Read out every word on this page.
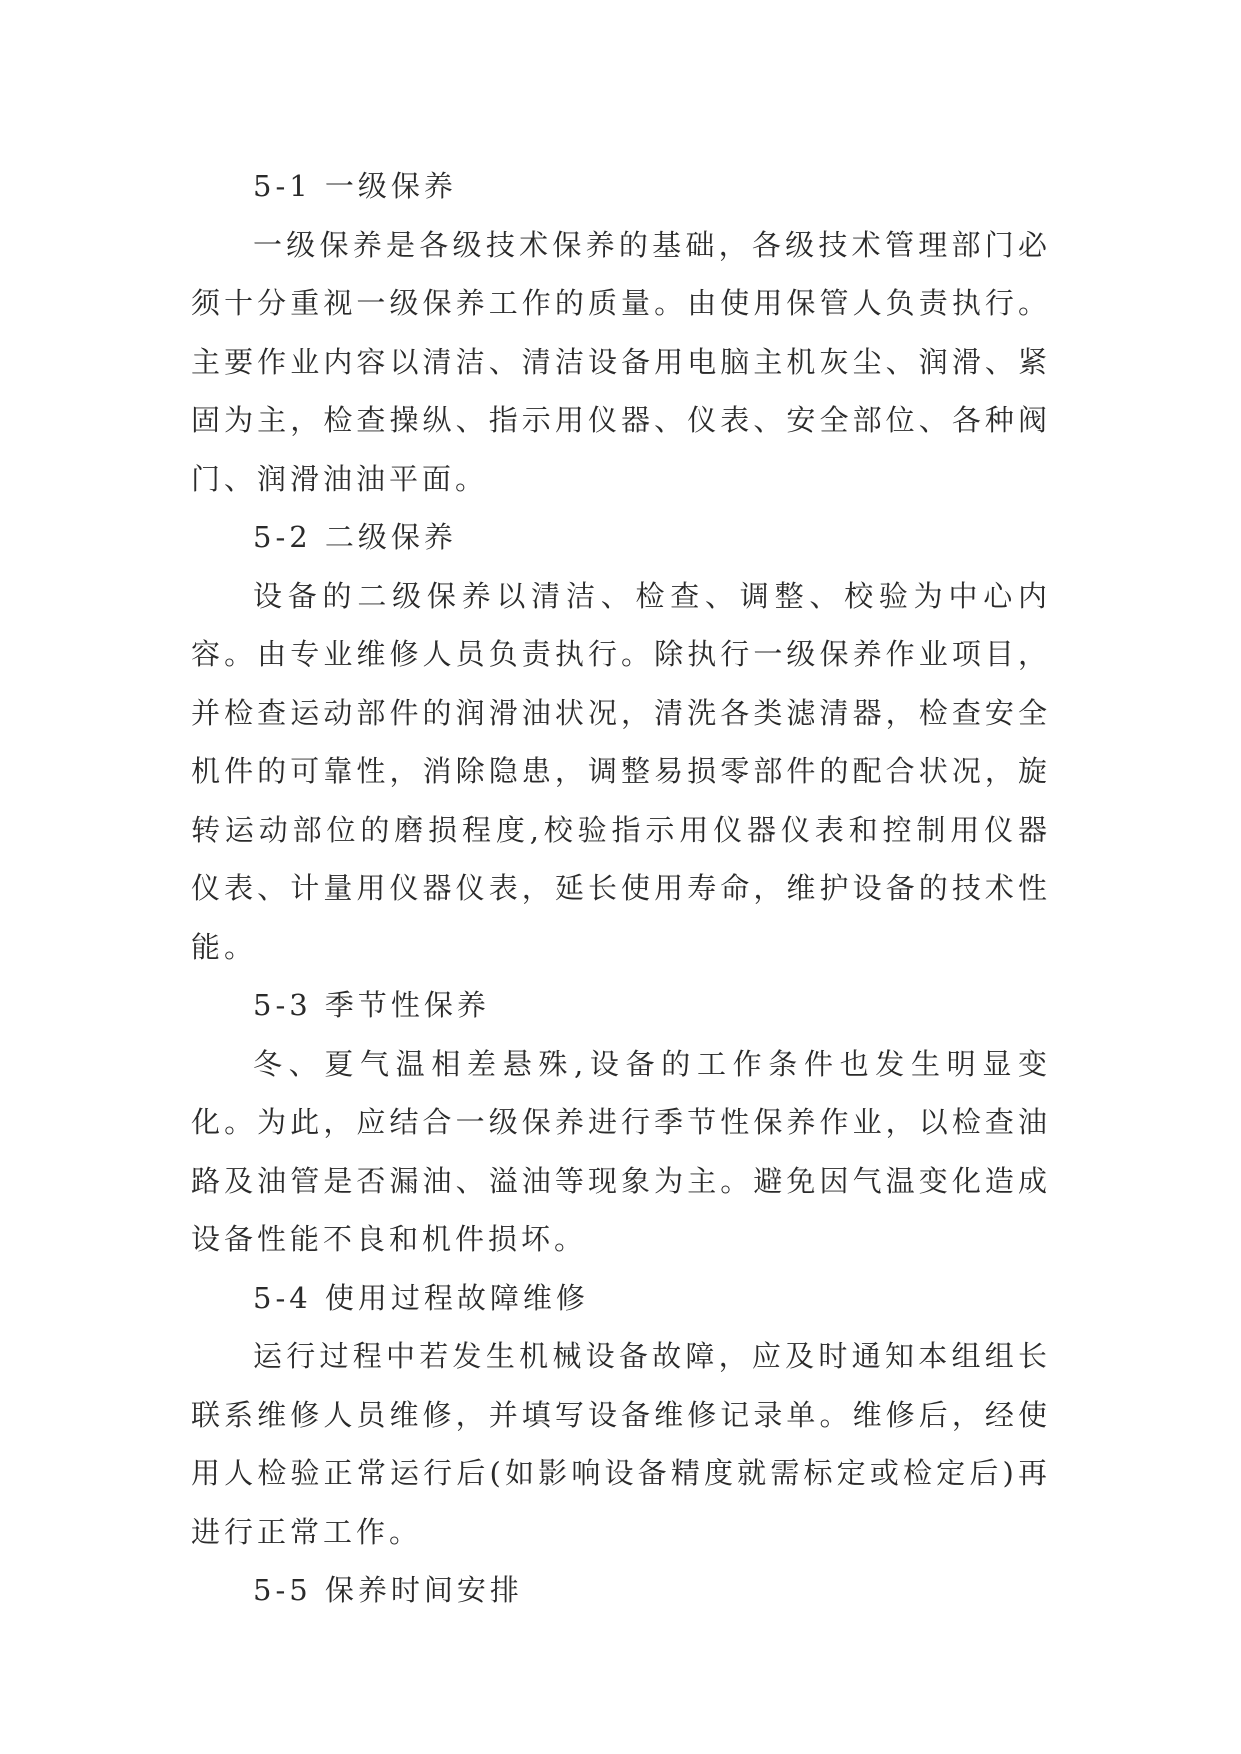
5-1 一级保养

一级保养是各级技术保养的基础，各级技术管理部门必须十分重视一级保养工作的质量。由使用保管人负责执行。主要作业内容以清洁、清洁设备用电脑主机灰尘、润滑、紧固为主，检查操纵、指示用仪器、仪表、安全部位、各种阀门、润滑油油平面。

5-2 二级保养

设备的二级保养以清洁、检查、调整、校验为中心内容。由专业维修人员负责执行。除执行一级保养作业项目，并检查运动部件的润滑油状况，清洗各类滤清器，检查安全机件的可靠性，消除隐患，调整易损零部件的配合状况，旋转运动部位的磨损程度,校验指示用仪器仪表和控制用仪器仪表、计量用仪器仪表，延长使用寿命，维护设备的技术性能。

5-3 季节性保养

冬、夏气温相差悬殊,设备的工作条件也发生明显变化。为此，应结合一级保养进行季节性保养作业，以检查油路及油管是否漏油、溢油等现象为主。避免因气温变化造成设备性能不良和机件损坏。

5-4 使用过程故障维修

运行过程中若发生机械设备故障，应及时通知本组组长联系维修人员维修，并填写设备维修记录单。维修后，经使用人检验正常运行后(如影响设备精度就需标定或检定后)再进行正常工作。

5-5 保养时间安排
